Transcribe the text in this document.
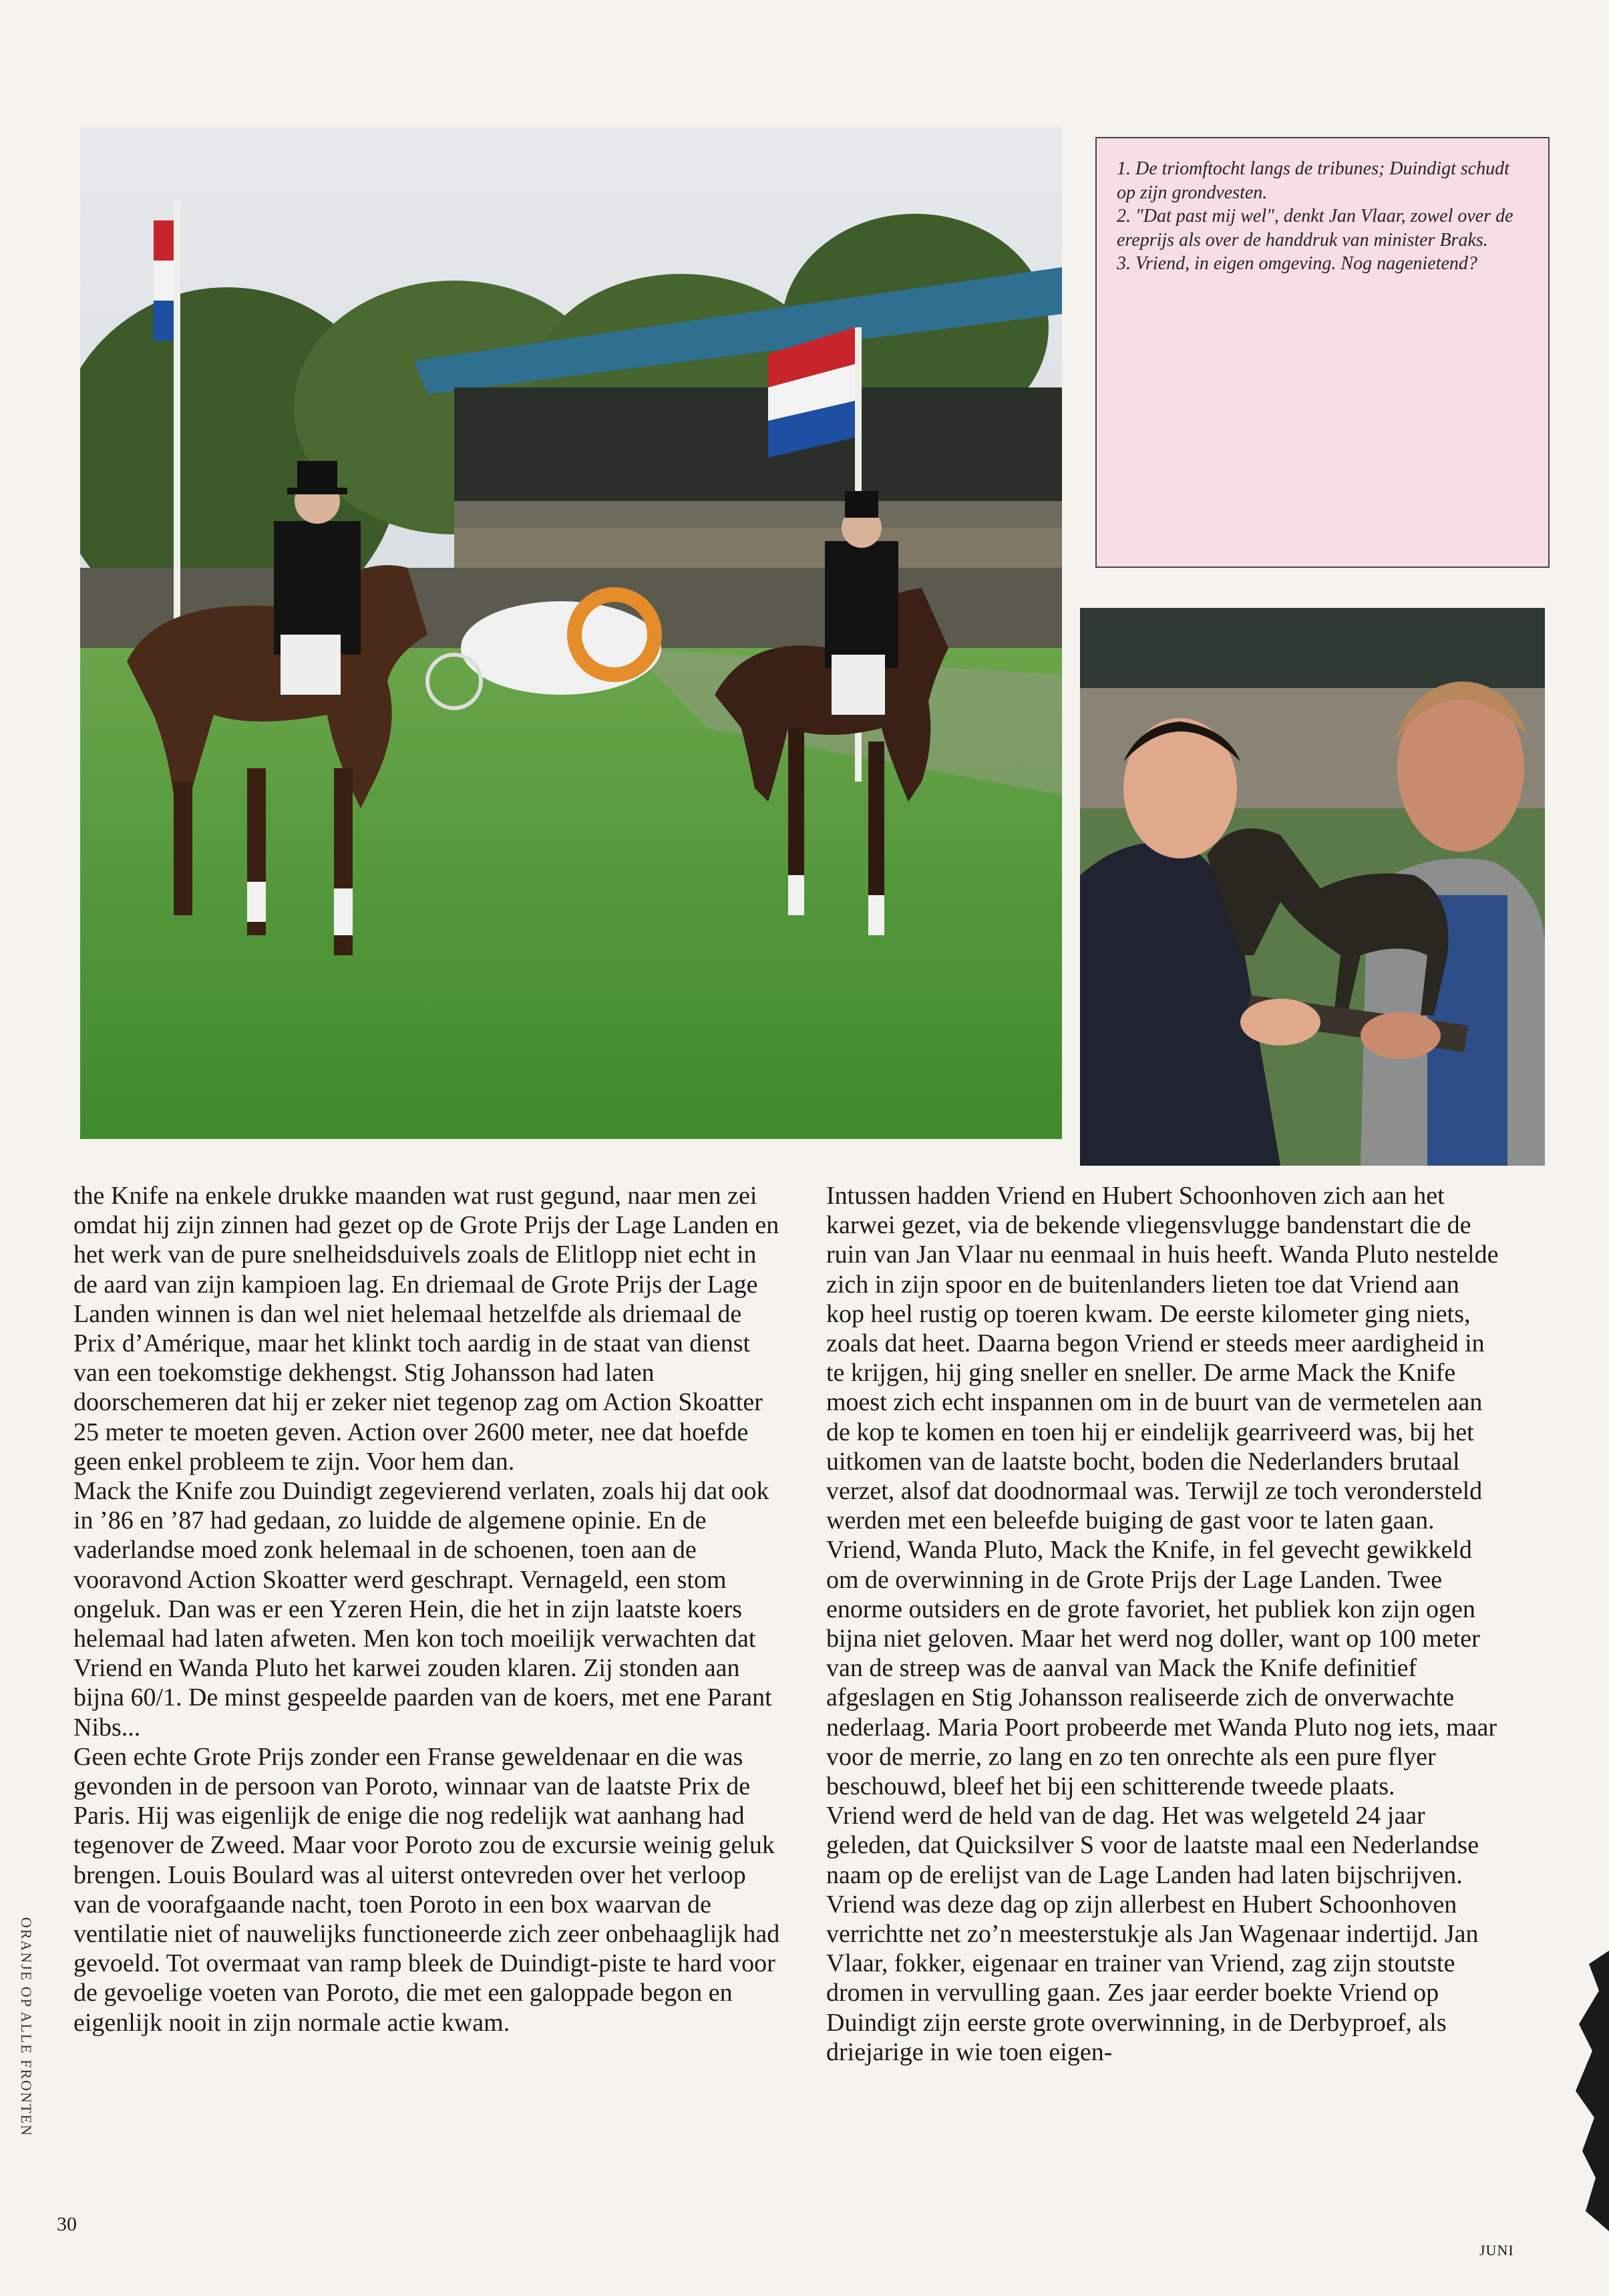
1. De triomftocht langs de tribunes; Duindigt schudt op zijn grondvesten.

2. "Dat past mij wel", denkt Jan Vlaar, zowel over de ereprijs als over de handdruk van minister Braks.

3. Vriend, in eigen omgeving. Nog nagenietend?

the Knife na enkele drukke maanden wat rust gegund, naar men zei omdat hij zijn zinnen had gezet op de Grote Prijs der Lage Landen en het werk van de pure snelheidsduivels zoals de Elitlopp niet echt in de aard van zijn kampioen lag. En driemaal de Grote Prijs der Lage Landen winnen is dan wel niet helemaal hetzelfde als driemaal de Prix d’Amérique, maar het klinkt toch aardig in de staat van dienst van een toekomstige dekhengst. Stig Johansson had laten doorschemeren dat hij er zeker niet tegenop zag om Action Skoatter 25 meter te moeten geven. Action over 2600 meter, nee dat hoefde geen enkel probleem te zijn. Voor hem dan.

Mack the Knife zou Duindigt zegevierend verlaten, zoals hij dat ook in ’86 en ’87 had gedaan, zo luidde de algemene opinie. En de vaderlandse moed zonk helemaal in de schoenen, toen aan de vooravond Action Skoatter werd geschrapt. Vernageld, een stom ongeluk. Dan was er een Yzeren Hein, die het in zijn laatste koers helemaal had laten afweten. Men kon toch moeilijk verwachten dat Vriend en Wanda Pluto het karwei zouden klaren. Zij stonden aan bijna 60/1. De minst gespeelde paarden van de koers, met ene Parant Nibs...

Geen echte Grote Prijs zonder een Franse geweldenaar en die was gevonden in de persoon van Poroto, winnaar van de laatste Prix de Paris. Hij was eigenlijk de enige die nog redelijk wat aanhang had tegenover de Zweed. Maar voor Poroto zou de excursie weinig geluk brengen. Louis Boulard was al uiterst ontevreden over het verloop van de voorafgaande nacht, toen Poroto in een box waarvan de ventilatie niet of nauwelijks functioneerde zich zeer onbehaaglijk had gevoeld. Tot overmaat van ramp bleek de Duindigt-piste te hard voor de gevoelige voeten van Poroto, die met een galoppade begon en eigenlijk nooit in zijn normale actie kwam.

Intussen hadden Vriend en Hubert Schoonhoven zich aan het karwei gezet, via de bekende vliegensvlugge bandenstart die de ruin van Jan Vlaar nu eenmaal in huis heeft. Wanda Pluto nestelde zich in zijn spoor en de buitenlanders lieten toe dat Vriend aan kop heel rustig op toeren kwam. De eerste kilometer ging niets, zoals dat heet. Daarna begon Vriend er steeds meer aardigheid in te krijgen, hij ging sneller en sneller. De arme Mack the Knife moest zich echt inspannen om in de buurt van de vermetelen aan de kop te komen en toen hij er eindelijk gearriveerd was, bij het uitkomen van de laatste bocht, boden die Nederlanders brutaal verzet, alsof dat doodnormaal was. Terwijl ze toch verondersteld werden met een beleefde buiging de gast voor te laten gaan.

Vriend, Wanda Pluto, Mack the Knife, in fel gevecht gewikkeld om de overwinning in de Grote Prijs der Lage Landen. Twee enorme outsiders en de grote favoriet, het publiek kon zijn ogen bijna niet geloven. Maar het werd nog doller, want op 100 meter van de streep was de aanval van Mack the Knife definitief afgeslagen en Stig Johansson realiseerde zich de onverwachte nederlaag. Maria Poort probeerde met Wanda Pluto nog iets, maar voor de merrie, zo lang en zo ten onrechte als een pure flyer beschouwd, bleef het bij een schitterende tweede plaats.

Vriend werd de held van de dag. Het was welgeteld 24 jaar geleden, dat Quicksilver S voor de laatste maal een Nederlandse naam op de erelijst van de Lage Landen had laten bijschrijven. Vriend was deze dag op zijn allerbest en Hubert Schoonhoven verrichtte net zo’n meesterstukje als Jan Wagenaar indertijd. Jan Vlaar, fokker, eigenaar en trainer van Vriend, zag zijn stoutste dromen in vervulling gaan. Zes jaar eerder boekte Vriend op Duindigt zijn eerste grote overwinning, in de Derbyproef, als driejarige in wie toen eigen-

ORANJE OP ALLE FRONTEN
30
JUNI
